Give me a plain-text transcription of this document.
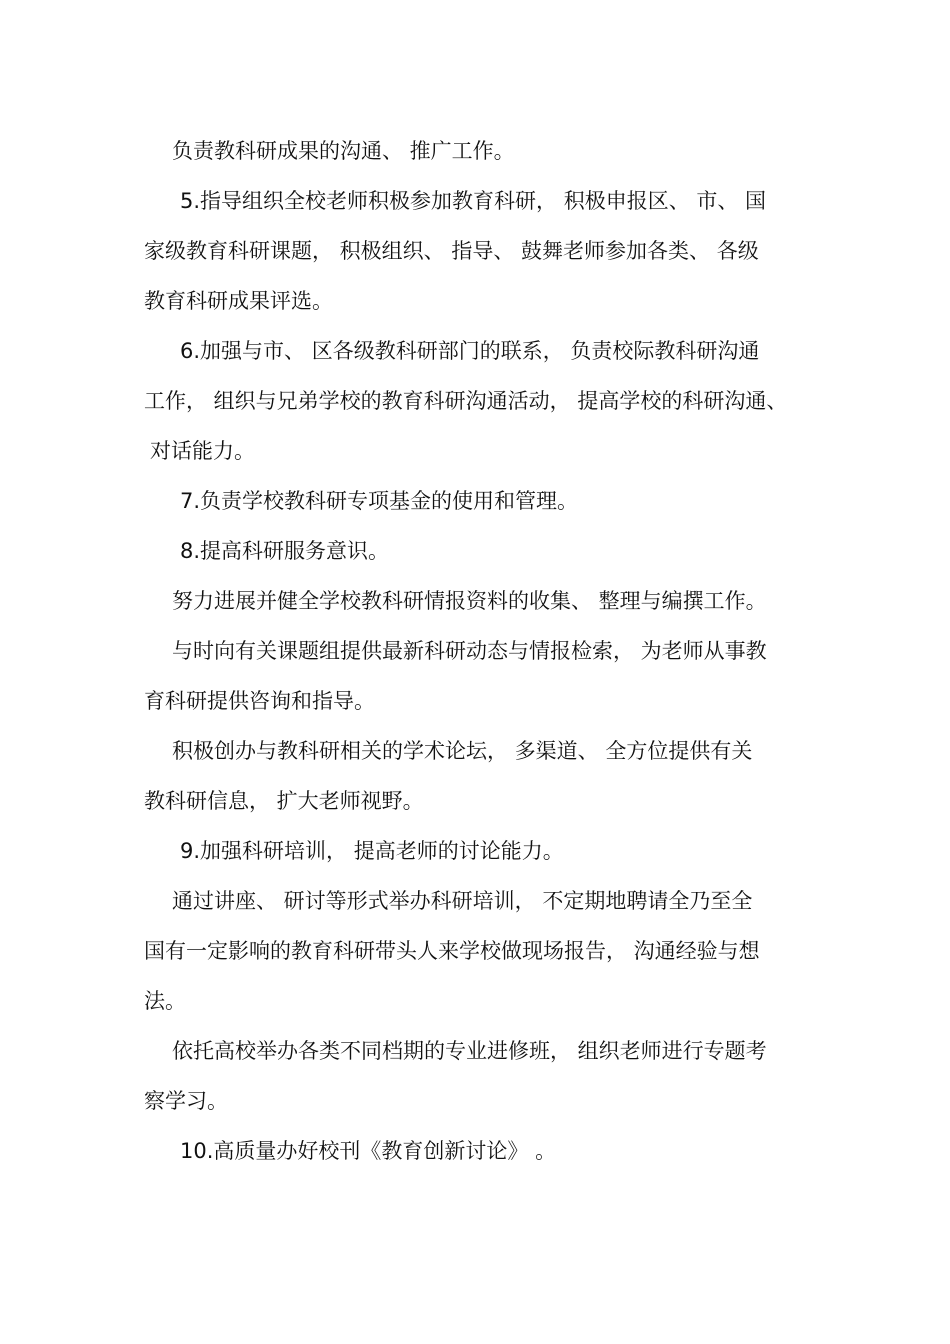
负责教科研成果的沟通、 推广工作。
5.指导组织全校老师积极参加教育科研， 积极申报区、 市、 国
家级教育科研课题， 积极组织、 指导、 鼓舞老师参加各类、 各级
教育科研成果评选。
6.加强与市、 区各级教科研部门的联系， 负责校际教科研沟通
工作， 组织与兄弟学校的教育科研沟通活动， 提高学校的科研沟通、
对话能力。
7.负责学校教科研专项基金的使用和管理。
8.提高科研服务意识。
努力进展并健全学校教科研情报资料的收集、 整理与编撰工作。
与时向有关课题组提供最新科研动态与情报检索， 为老师从事教
育科研提供咨询和指导。
积极创办与教科研相关的学术论坛， 多渠道、 全方位提供有关
教科研信息， 扩大老师视野。
9.加强科研培训， 提高老师的讨论能力。
通过讲座、 研讨等形式举办科研培训， 不定期地聘请全乃至全
国有一定影响的教育科研带头人来学校做现场报告， 沟通经验与想
法。
依托高校举办各类不同档期的专业进修班， 组织老师进行专题考
察学习。
10.高质量办好校刊《教育创新讨论》 。
